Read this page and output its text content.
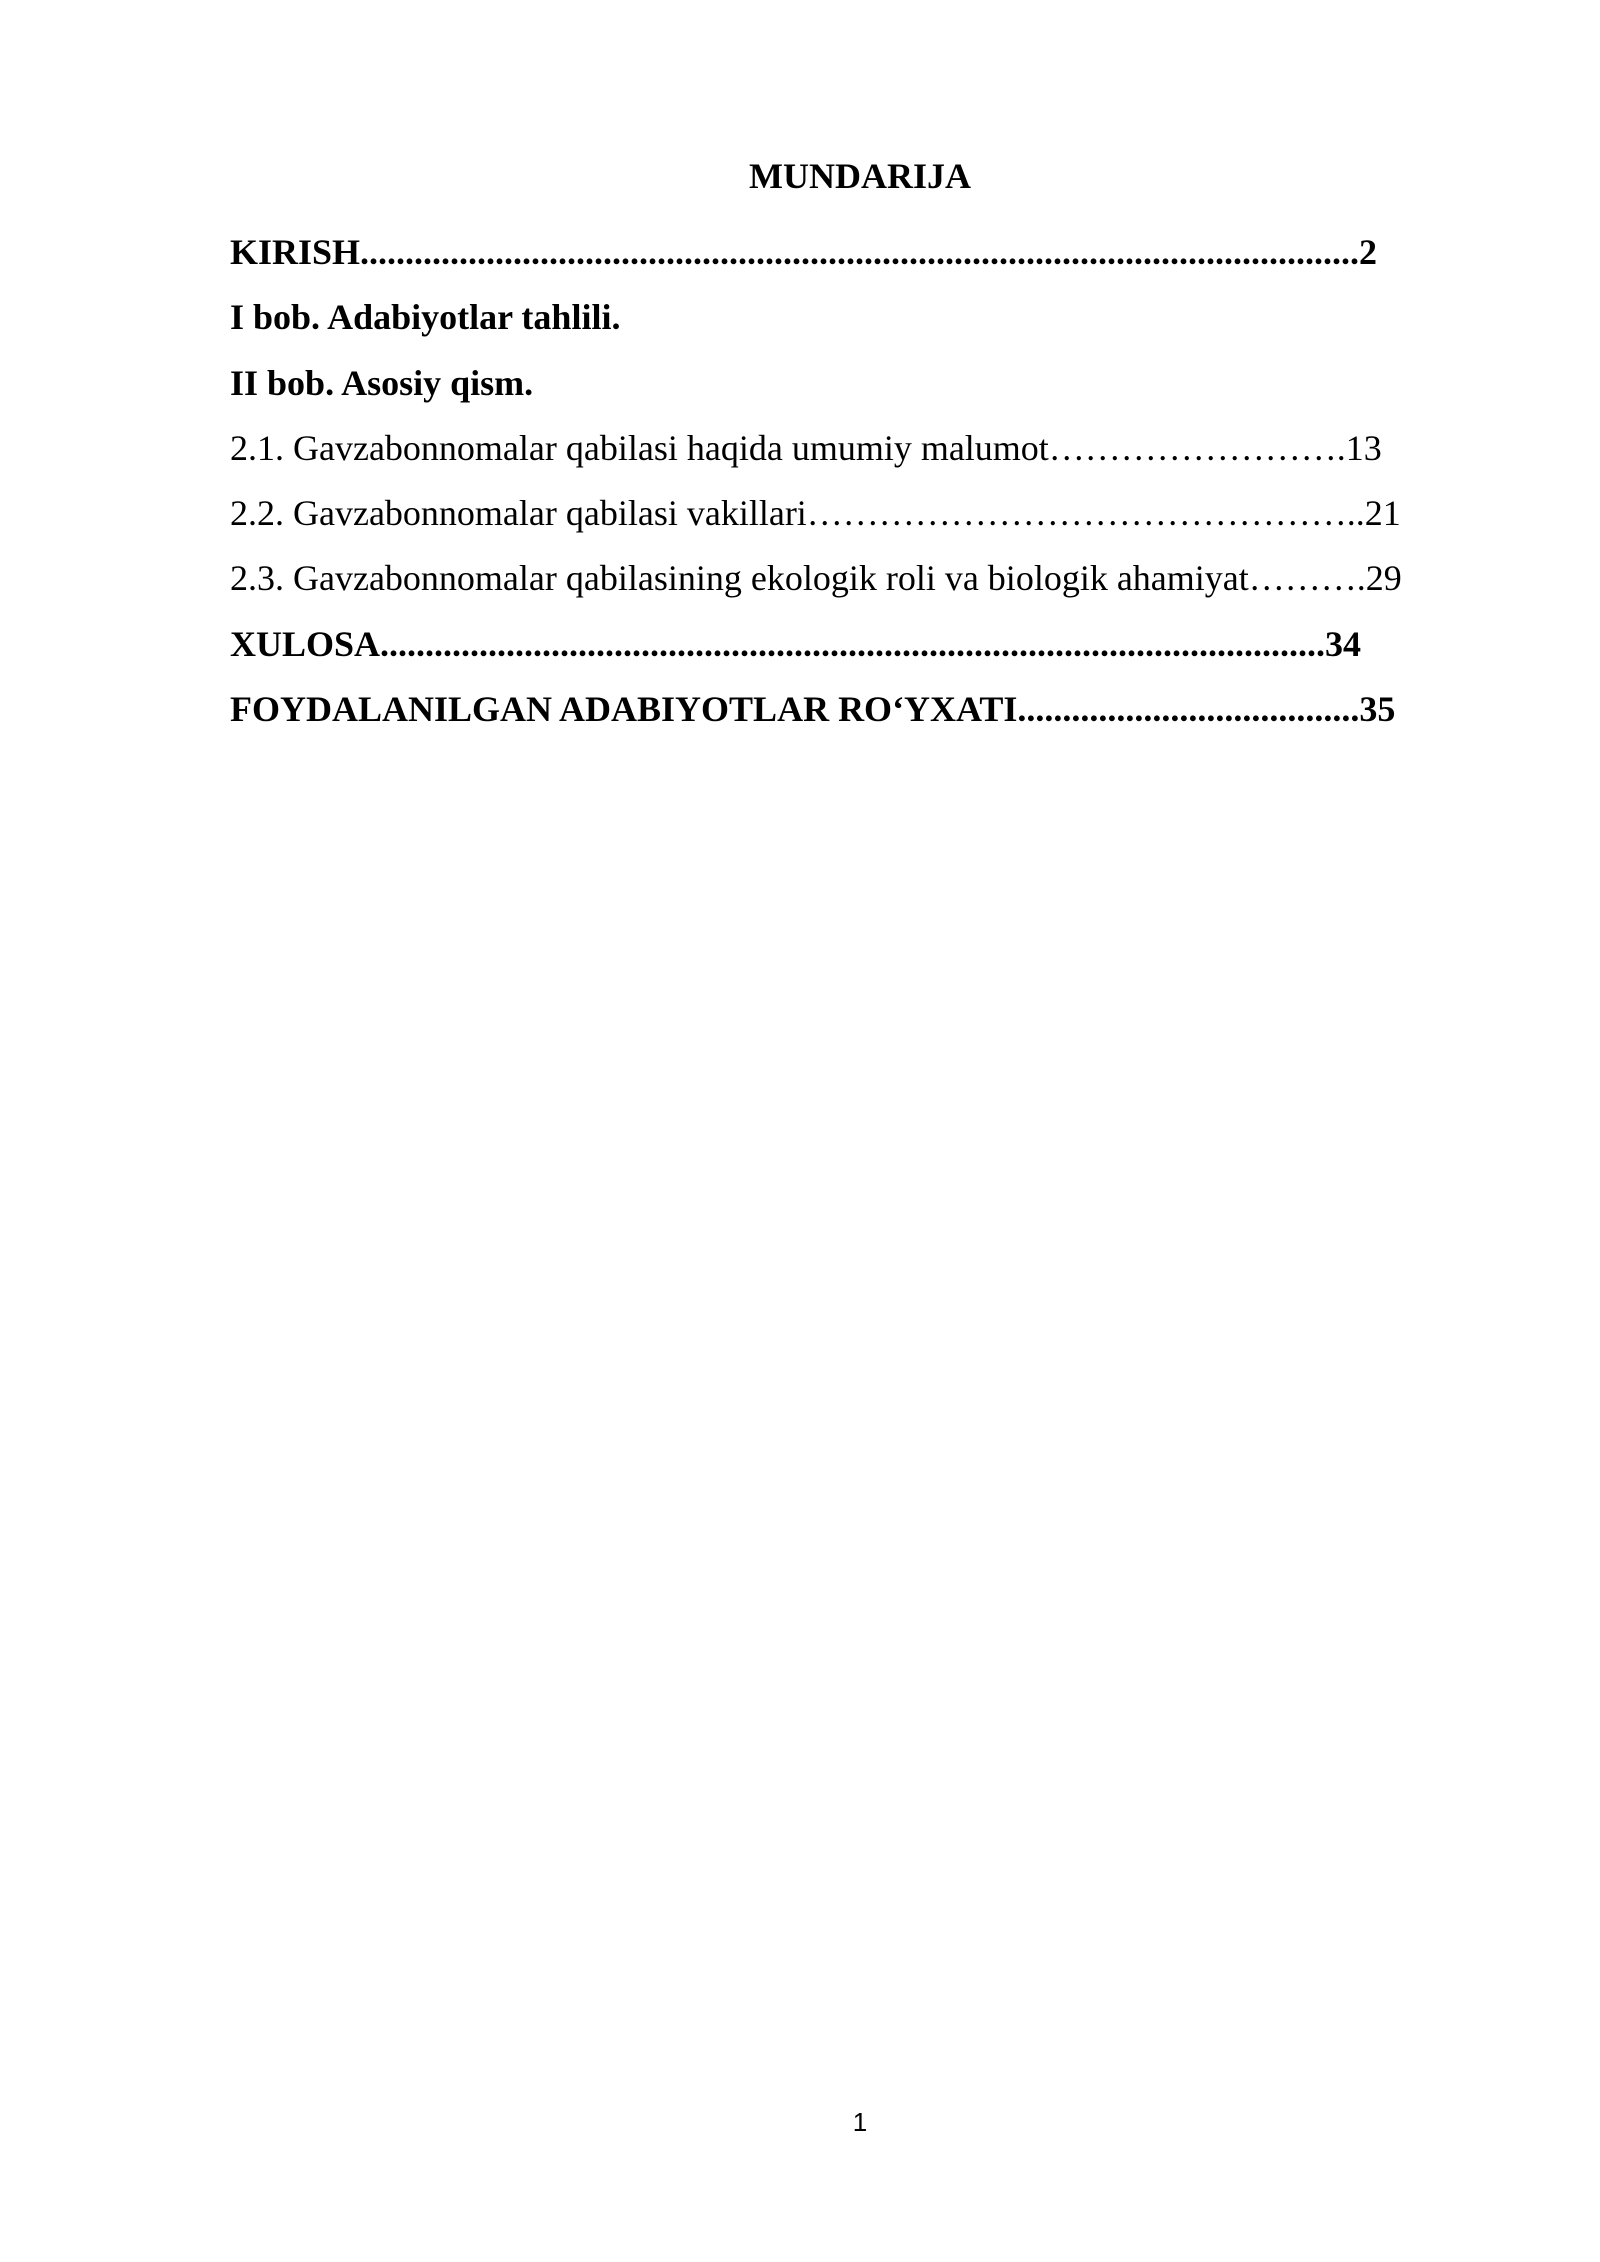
MUNDARIJA
KIRISH...............................................................................................................2
I bob. Adabiyotlar tahlili.
II bob. Asosiy qism.
2.1. Gavzabonnomalar qabilasi haqida umumiy malumot…………………….13
2.2. Gavzabonnomalar qabilasi vakillari………………………………………..21
2.3. Gavzabonnomalar qabilasining ekologik roli va biologik ahamiyat……….29
XULOSA.........................................................................................................34
FOYDALANILGAN ADABIYOTLAR RO‘YXATI......................................35
1
